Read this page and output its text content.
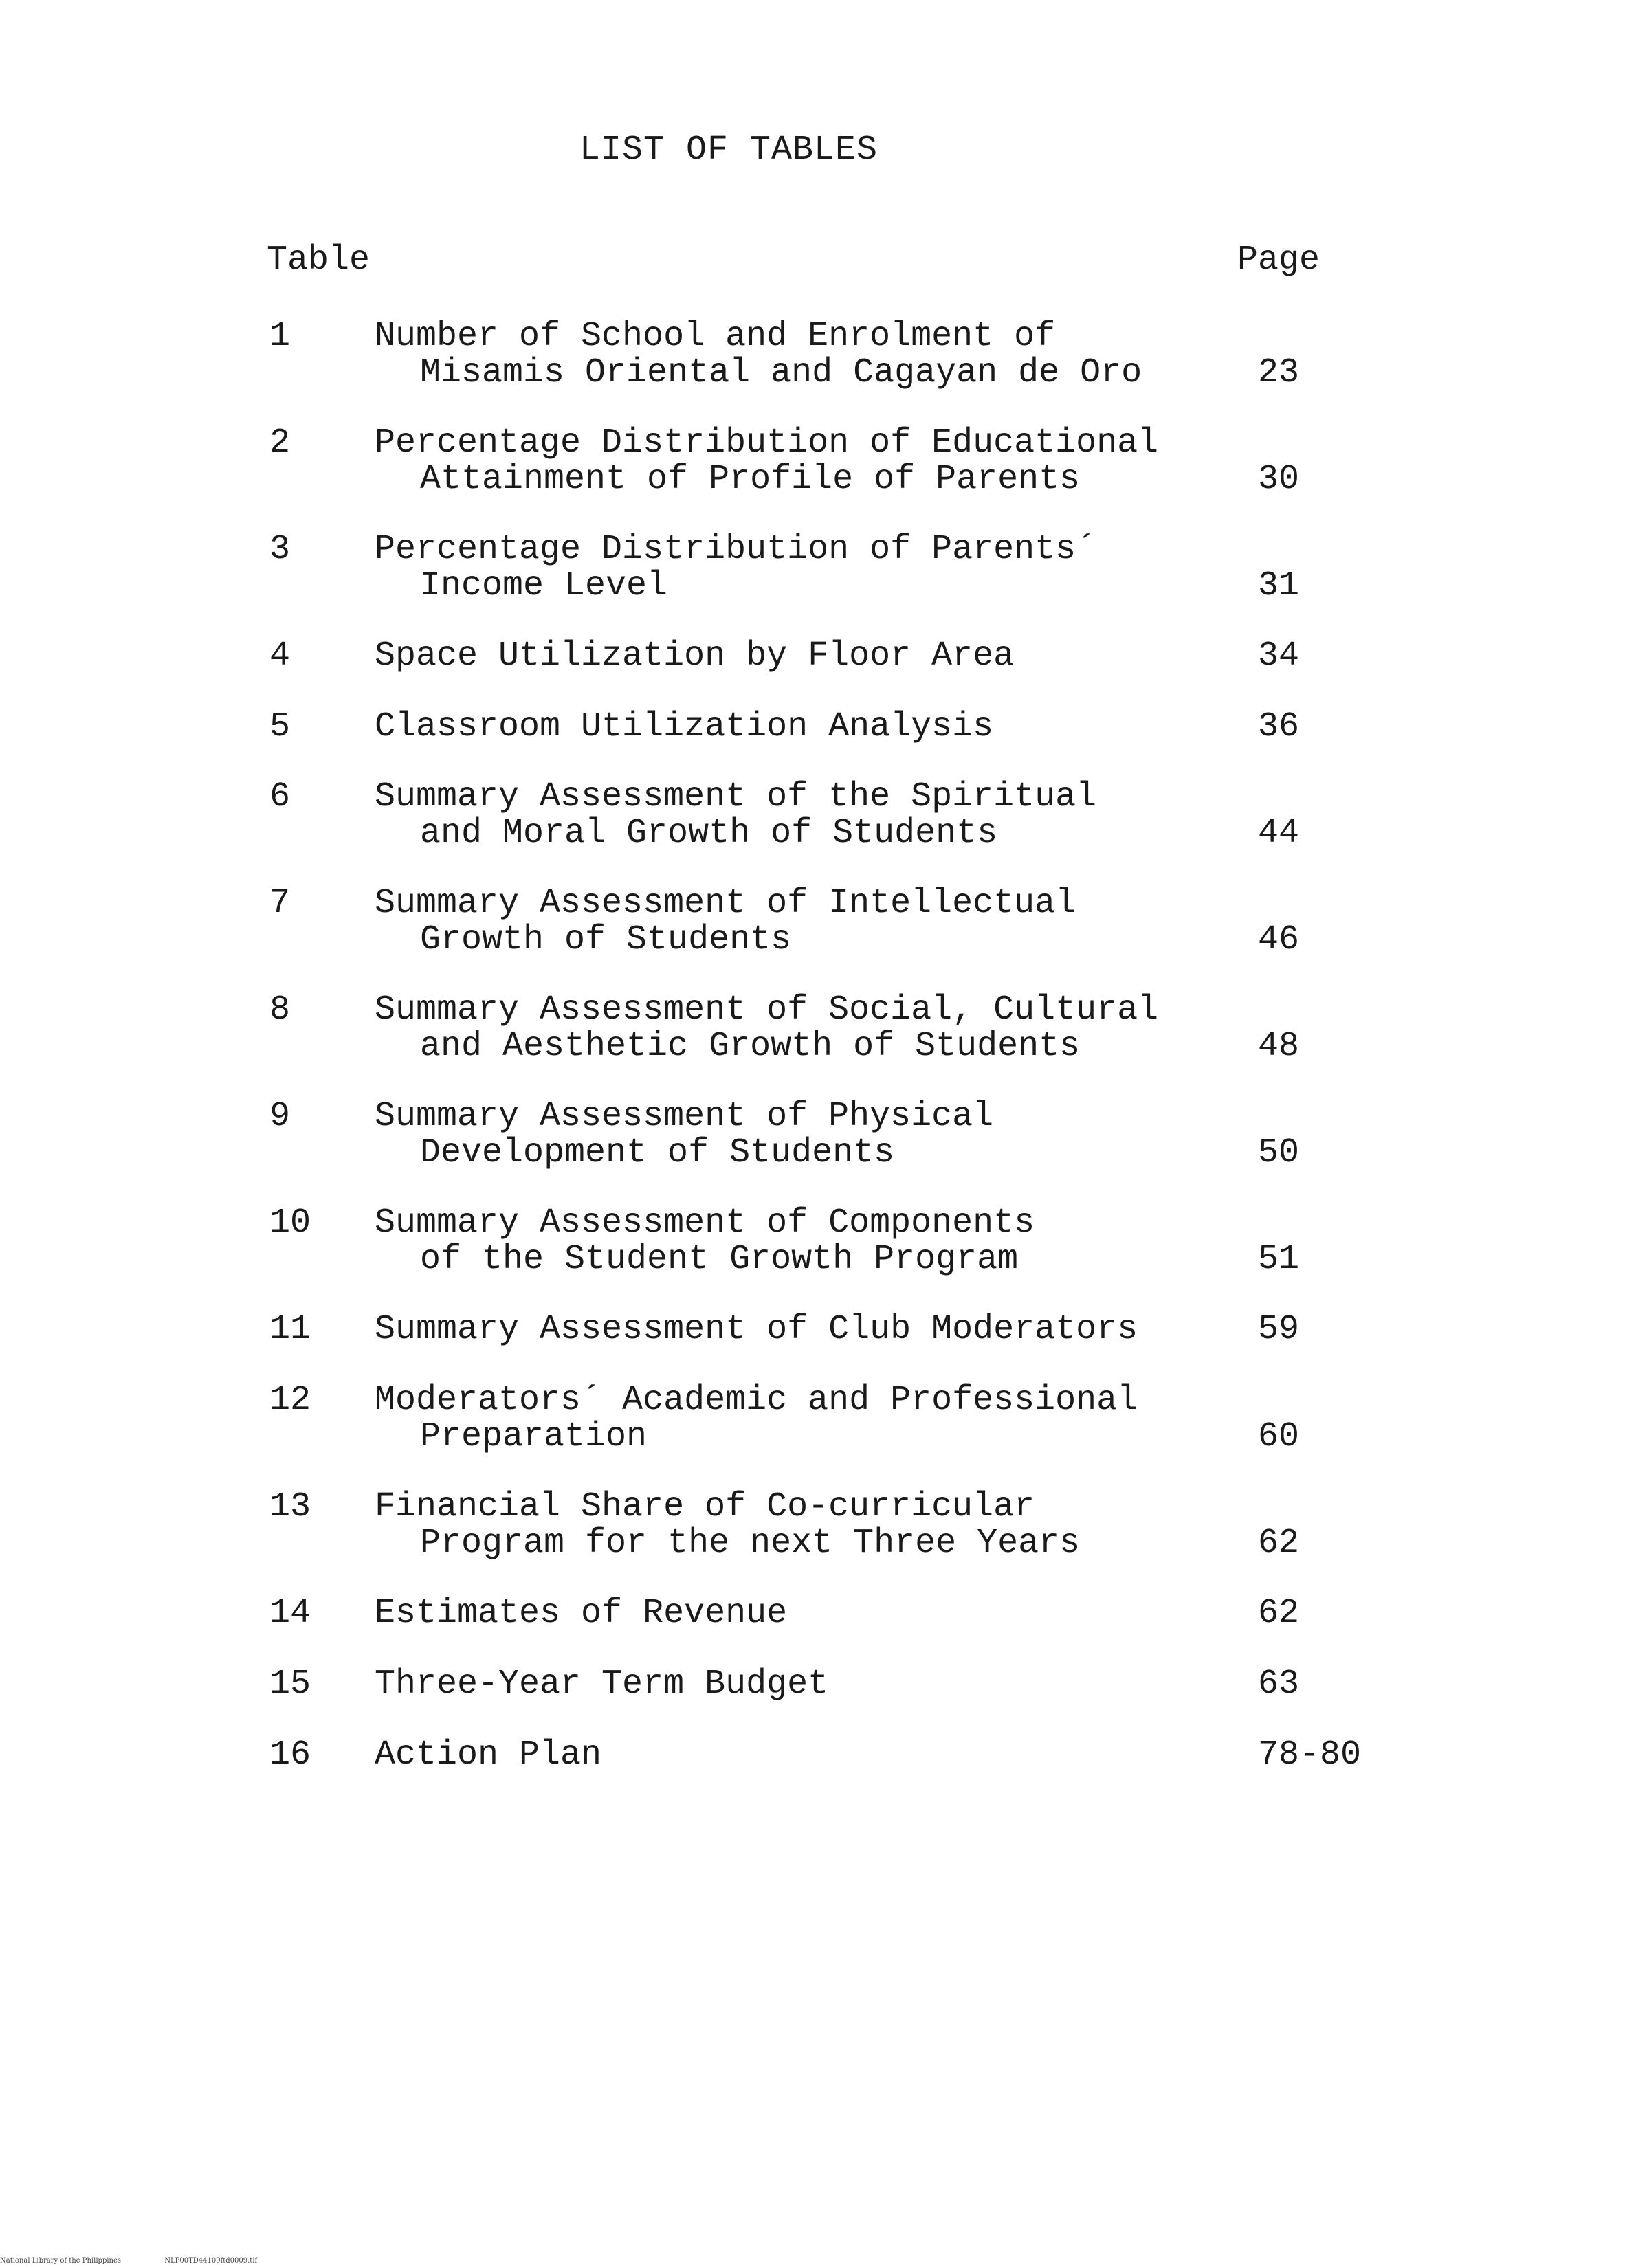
LIST OF TABLES
Table	Page
1 Number of School and Enrolment of
Misamis Oriental and Cagayan de Oro	23
2 Percentage Distribution of Educational
Attainment of Profile of Parents	30
3 Percentage Distribution of Parents´
Income Level	31
4 Space Utilization by Floor Area	34
5 Classroom Utilization Analysis	36
6 Summary Assessment of the Spiritual
and Moral Growth of Students	44
7 Summary Assessment of Intellectual
Growth of Students	46
8 Summary Assessment of Social, Cultural
and Aesthetic Growth of Students	48
9 Summary Assessment of Physical
Development of Students	50
10 Summary Assessment of Components
of the Student Growth Program	51
11 Summary Assessment of Club Moderators	59
12 Moderators´ Academic and Professional
Preparation	60
13 Financial Share of Co-curricular
Program for the next Three Years	62
14 Estimates of Revenue	62
15 Three-Year Term Budget	63
16 Action Plan	78-80
National Library of the Philippines	NLP00TD44109ftd0009.tif
